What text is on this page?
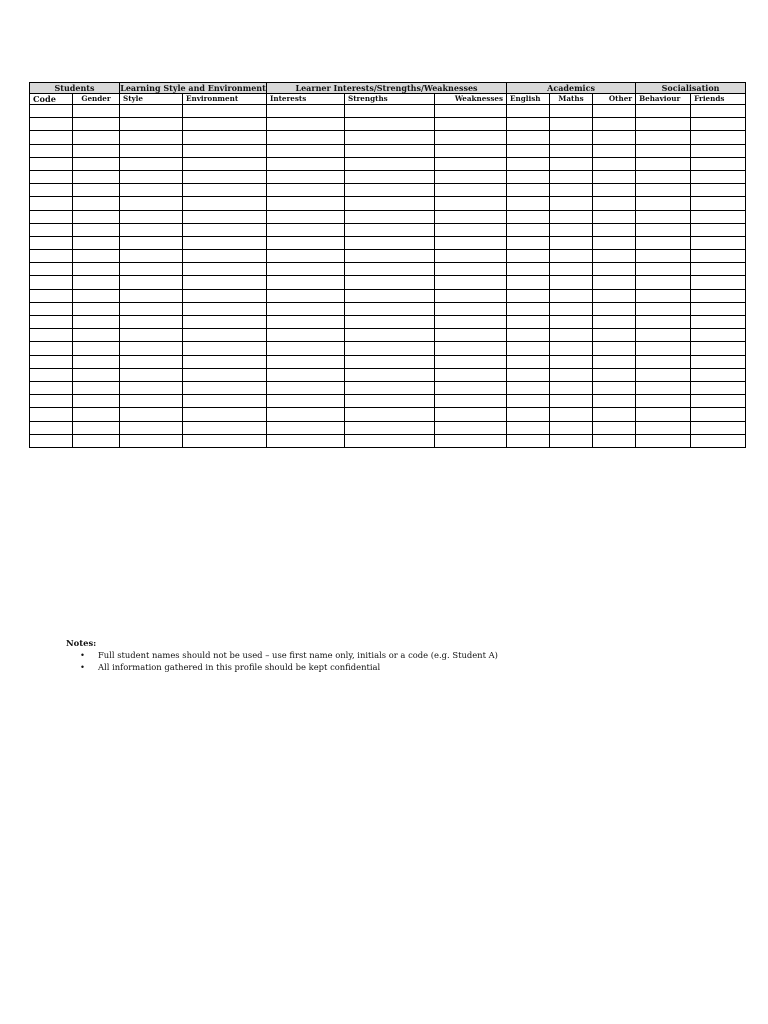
Students		Learning Style and Environment		Learner Interests/Strengths/Weaknesses			Academics			Socialisation	
Code	Gender	Style	Environment	Interests	Strengths	Weaknesses	English	Maths	Other	Behaviour	Friends

Notes:
• Full student names should not be used – use first name only, initials or a code (e.g. Student A)
• All information gathered in this profile should be kept confidential
